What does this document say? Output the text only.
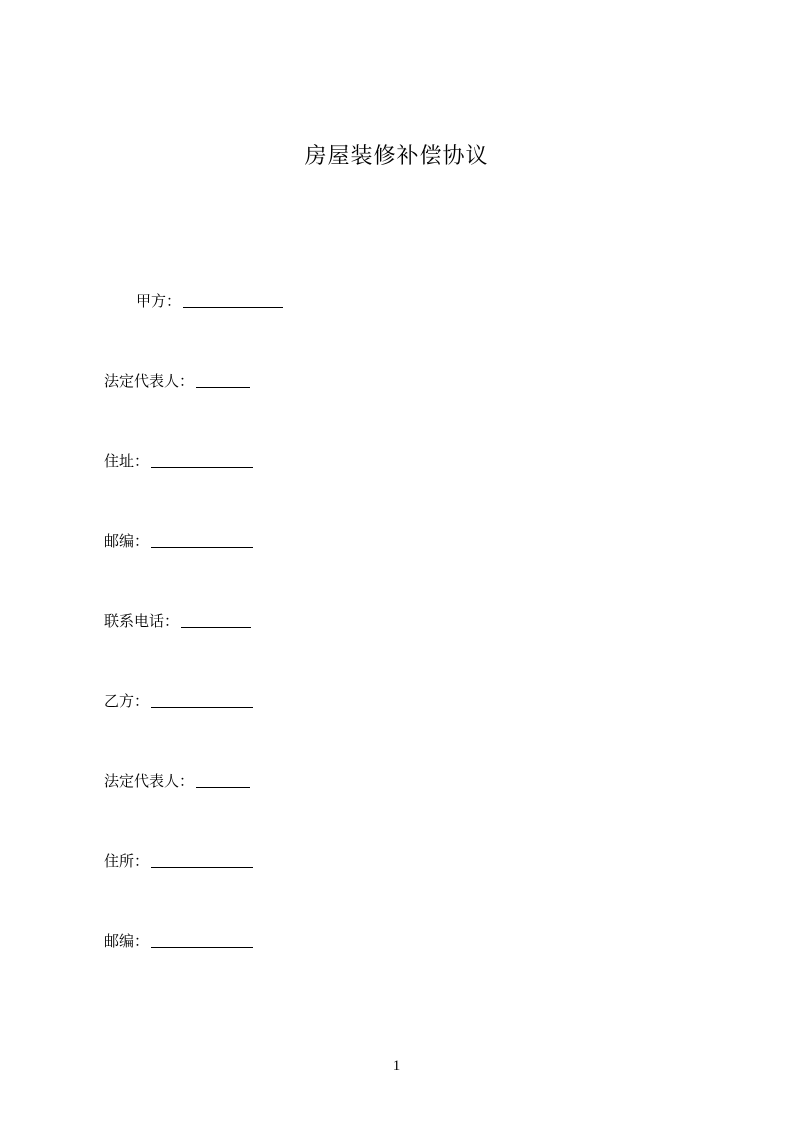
房屋装修补偿协议
甲方 ：
法定代表人 ：
住址 ：
邮编 ：
联系电话 ：
乙方 ：
法定代表人 ：
住所 ：
邮编 ：
1
